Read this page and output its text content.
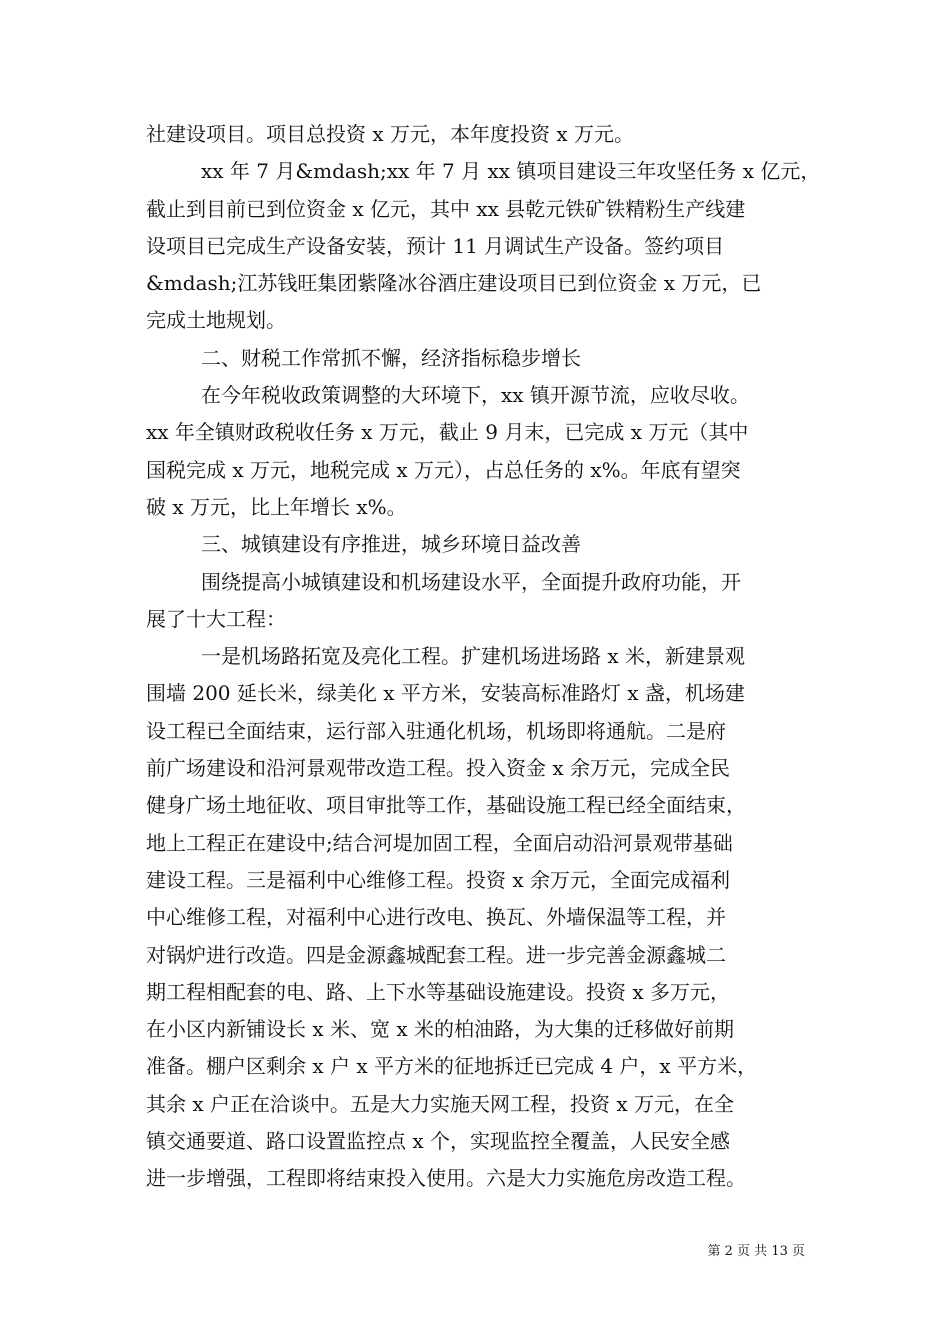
社建设项目。项目总投资 x 万元，本年度投资 x 万元。
xx 年 7 月&mdash;xx 年 7 月 xx 镇项目建设三年攻坚任务 x 亿元，
截止到目前已到位资金 x 亿元，其中 xx 县乾元铁矿铁精粉生产线建
设项目已完成生产设备安装，预计 11 月调试生产设备。签约项目
&mdash;江苏钱旺集团紫隆冰谷酒庄建设项目已到位资金 x 万元，已
完成土地规划。
二、财税工作常抓不懈，经济指标稳步增长
在今年税收政策调整的大环境下，xx 镇开源节流，应收尽收。
xx 年全镇财政税收任务 x 万元，截止 9 月末，已完成 x 万元（其中
国税完成 x 万元，地税完成 x 万元），占总任务的 x%。年底有望突
破 x 万元，比上年增长 x%。
三、城镇建设有序推进，城乡环境日益改善
围绕提高小城镇建设和机场建设水平，全面提升政府功能，开
展了十大工程：
一是机场路拓宽及亮化工程。扩建机场进场路 x 米，新建景观
围墙 200 延长米，绿美化 x 平方米，安装高标准路灯 x 盏，机场建
设工程已全面结束，运行部入驻通化机场，机场即将通航。二是府
前广场建设和沿河景观带改造工程。投入资金 x 余万元，完成全民
健身广场土地征收、项目审批等工作，基础设施工程已经全面结束，
地上工程正在建设中;结合河堤加固工程，全面启动沿河景观带基础
建设工程。三是福利中心维修工程。投资 x 余万元，全面完成福利
中心维修工程，对福利中心进行改电、换瓦、外墙保温等工程，并
对锅炉进行改造。四是金源鑫城配套工程。进一步完善金源鑫城二
期工程相配套的电、路、上下水等基础设施建设。投资 x 多万元，
在小区内新铺设长 x 米、宽 x 米的柏油路，为大集的迁移做好前期
准备。棚户区剩余 x 户 x 平方米的征地拆迁已完成 4 户，x 平方米，
其余 x 户正在洽谈中。五是大力实施天网工程，投资 x 万元，在全
镇交通要道、路口设置监控点 x 个，实现监控全覆盖，人民安全感
进一步增强，工程即将结束投入使用。六是大力实施危房改造工程。
第 2 页 共 13 页
